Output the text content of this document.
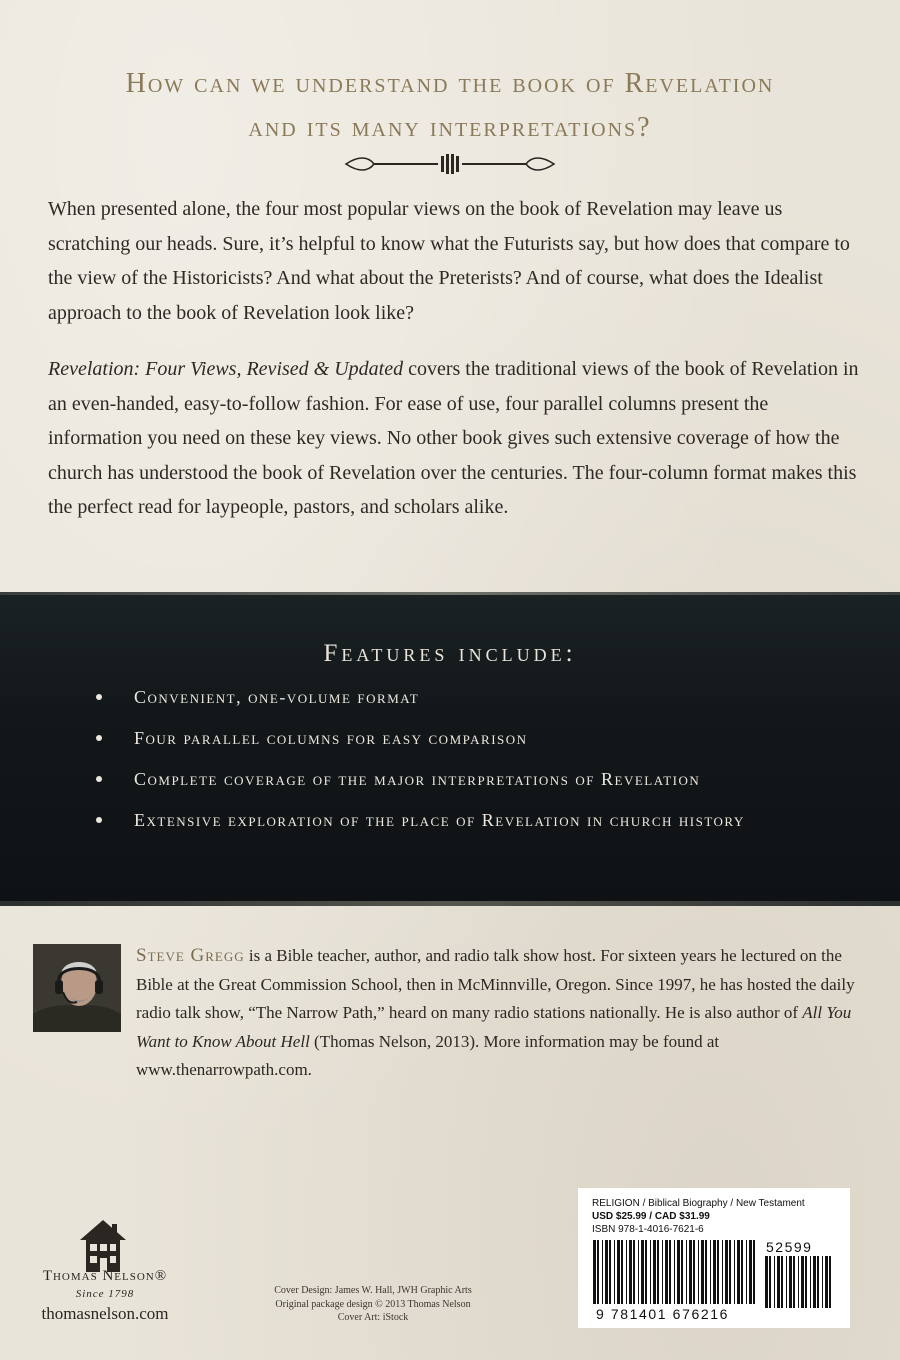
How can we understand the book of Revelation
and its many interpretations?
When presented alone, the four most popular views on the book of Revelation may leave us scratching our heads. Sure, it’s helpful to know what the Futurists say, but how does that compare to the view of the Historicists? And what about the Preterists? And of course, what does the Idealist approach to the book of Revelation look like?
Revelation: Four Views, Revised & Updated covers the traditional views of the book of Revelation in an even-handed, easy-to-follow fashion. For ease of use, four parallel columns present the information you need on these key views. No other book gives such extensive coverage of how the church has understood the book of Revelation over the centuries. The four-column format makes this the perfect read for laypeople, pastors, and scholars alike.
Features include:
Convenient, one-volume format
Four parallel columns for easy comparison
Complete coverage of the major interpretations of Revelation
Extensive exploration of the place of Revelation in church history
Steve Gregg is a Bible teacher, author, and radio talk show host. For sixteen years he lectured on the Bible at the Great Commission School, then in McMinnville, Oregon. Since 1997, he has hosted the daily radio talk show, “The Narrow Path,” heard on many radio stations nationally. He is also author of All You Want to Know About Hell (Thomas Nelson, 2013). More information may be found at www.thenarrowpath.com.
Thomas Nelson®
Since 1798
thomasnelson.com
Cover Design: James W. Hall, JWH Graphic Arts
Original package design © 2013 Thomas Nelson
Cover Art: iStock
RELIGION / Biblical Biography / New Testament
USD $25.99 / CAD $31.99
ISBN 978-1-4016-7621-6
9 781401 676216
52599
